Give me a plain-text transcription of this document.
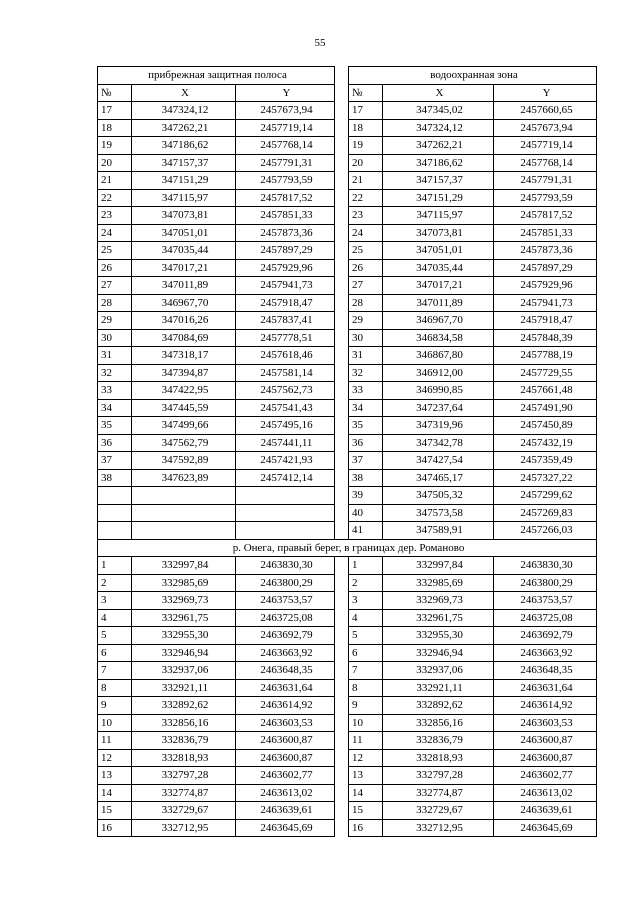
55
прибрежная защитная полоса				водоохранная зона		
№	X	Y		№	X	Y
17	347324,12	2457673,94		17	347345,02	2457660,65
18	347262,21	2457719,14		18	347324,12	2457673,94
19	347186,62	2457768,14		19	347262,21	2457719,14
20	347157,37	2457791,31		20	347186,62	2457768,14
21	347151,29	2457793,59		21	347157,37	2457791,31
22	347115,97	2457817,52		22	347151,29	2457793,59
23	347073,81	2457851,33		23	347115,97	2457817,52
24	347051,01	2457873,36		24	347073,81	2457851,33
25	347035,44	2457897,29		25	347051,01	2457873,36
26	347017,21	2457929,96		26	347035,44	2457897,29
27	347011,89	2457941,73		27	347017,21	2457929,96
28	346967,70	2457918,47		28	347011,89	2457941,73
29	347016,26	2457837,41		29	346967,70	2457918,47
30	347084,69	2457778,51		30	346834,58	2457848,39
31	347318,17	2457618,46		31	346867,80	2457788,19
32	347394,87	2457581,14		32	346912,00	2457729,55
33	347422,95	2457562,73		33	346990,85	2457661,48
34	347445,59	2457541,43		34	347237,64	2457491,90
35	347499,66	2457495,16		35	347319,96	2457450,89
36	347562,79	2457441,11		36	347342,78	2457432,19
37	347592,89	2457421,93		37	347427,54	2457359,49
38	347623,89	2457412,14		38	347465,17	2457327,22
				39	347505,32	2457299,62
				40	347573,58	2457269,83
				41	347589,91	2457266,03
р. Онега, правый берег, в границах дер. Романово						
1	332997,84	2463830,30		1	332997,84	2463830,30
2	332985,69	2463800,29		2	332985,69	2463800,29
3	332969,73	2463753,57		3	332969,73	2463753,57
4	332961,75	2463725,08		4	332961,75	2463725,08
5	332955,30	2463692,79		5	332955,30	2463692,79
6	332946,94	2463663,92		6	332946,94	2463663,92
7	332937,06	2463648,35		7	332937,06	2463648,35
8	332921,11	2463631,64		8	332921,11	2463631,64
9	332892,62	2463614,92		9	332892,62	2463614,92
10	332856,16	2463603,53		10	332856,16	2463603,53
11	332836,79	2463600,87		11	332836,79	2463600,87
12	332818,93	2463600,87		12	332818,93	2463600,87
13	332797,28	2463602,77		13	332797,28	2463602,77
14	332774,87	2463613,02		14	332774,87	2463613,02
15	332729,67	2463639,61		15	332729,67	2463639,61
16	332712,95	2463645,69		16	332712,95	2463645,69
